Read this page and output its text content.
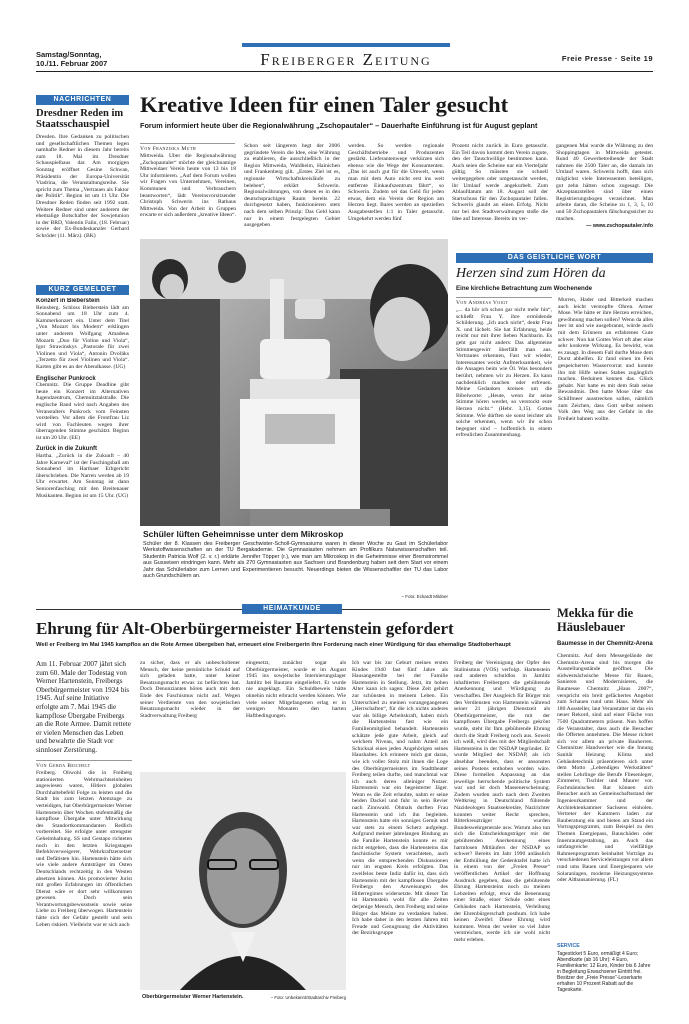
Samstag/Sonntag,
10./11. Februar 2007	Freiberger Zeitung	Freie Presse · Seite 19
NACHRICHTEN
Dresdner Reden im Staatsschauspiel
Dresden. Ihre Gedanken zu politischen und gesellschaftlichen Themen legen namhafte Redner in diesem Jahr bereits zum 18. Mal im Dresdner Schauspielhaus dar. Am morgigen Sonntag eröffnet Gesine Schwan, Präsidentin der Europa-Universität Viadrina, die Veranstaltungsreihe. Sie spricht zum Thema „Vertrauen als Faktor der Politik“. Beginn ist um 11 Uhr. Die Dresdner Reden finden seit 1992 statt. Weitere Redner sind unter anderem der ehemalige Botschafter der Sowjetunion in der BRD, Valentin Falin, (18. Februar) sowie der Ex-Bundeskanzler Gerhard Schröder (11. März). (BK)
KURZ GEMELDET
Konzert in Biebersteín
Reinsberg. Schloss Bieberstein lädt am Sonnabend um 18 Uhr zum 4. Kammerkonzert ein. Unter dem Titel „Von Mozart bis Modern“ erklingen unter anderem Wolfgang Amadeus Mozarts „Duo für Violine und Viola“, Igor Strawinskys „Pastorale für zwei Violinen und Viola“, Antonín Dvořáks „Terzetto für zwei Violinen und Viola“. Karten gibt es an der Abendkasse. (UG)
Englischer Punkrock
Chemnitz. Die Gruppe Deadline gibt heute ein Konzert im Alternativen Jugendzentrum, Chemnitztalstraße. Die englische Band wird nach Angaben des Veranstalters Punkrock vom Feinsten vorstellen. Vor allem die Frontfrau Liz wird von Fachleuten wegen ihrer überragenden Stimme geschätzt. Beginn ist um 20 Uhr. (EE)
Zurück in die Zukunft
Hartha. „Zurück in die Zukunft – 40 Jahre Karneval“ ist der Faschingsball am Sonnabend im Harthaer Erbgericht überschrieben. Die Narren werden ab 19 Uhr erwartet. Am Sonntag ist dann Seniorenfasching mit den Breitenauer Musikanten. Beginn ist um 15 Uhr. (UG)
Kreative Ideen für einen Taler gesucht
Forum informiert heute über die Regionalwährung „Zschopautaler“ – Dauerhafte Einführung ist für August geplant
Von Franziska Muth
Mittweida. Über die Regionalwährung „Zschopautaler“ möchte der gleichnamige Mittweidaer Verein heute von 13 bis 18 Uhr informieren. „Auf dem Forum wollen wir Fragen von Unternehmen, Vereinen, Kommunen und Verbrauchern beantworten“, lädt Vereinsvorsitzender Christoph Schwerin ins Rathaus Mittweida. Von der Arbeit in Gruppen erwarte er sich außerdem „kreative Ideen“.
Schon seit längerem hegt der 2006 gegründete Verein die Idee, eine Währung zu etablieren, die ausschließlich in der Region Mittweida, Waldheim, Hainichen und Frankenberg gilt. „Erstes Ziel ist es, regionale Wirtschaftskreisläufe zu beleben“, erklärt Schwerin. Regionalwährungen, von denen es in den deutschsprachigen Raum bereits 22 durchgesetzt haben, funktionieren stets nach dem selben Prinzip: Das Geld kann nur in einem festgelegten Gebiet ausgegeben
werden. So werden regionale Geschäftsbetriebe und Produzenten gestärkt. Lieferantenwege verkürzen sich ebenso wie die Wege der Konsumenten. „Das ist auch gut für die Umwelt, wenn man mit dem Auto nicht erst ins weit entfernte Einkaufszentrum fährt“, so Schwerin. Zudem sei das Geld für jeden etwas, dem ein Verein der Region am Herzen liegt. Bares werden an speziellen Ausgabestellen 1:1 in Taler getauscht. Umgekehrt werden fünf
Prozent nicht zurück in Euro getauscht. Ein Teil davon kommt dem Verein zugute, den der Tauschwillige bestimmen kann. Auch seien die Scheine nur ein Vierteljahr gültig. So müssten sie schnell weitergegeben oder umgetauscht werden, ihr Umlauf werde angekurbelt. Zum Ablaufdatum am 18. August soll der Startschuss für den Zschopautaler fallen. Schwerin glaubt an einen Erfolg. Nicht nur bei den Stadtverwaltungen stoße die Idee auf Interesse. Bereits im ver-
gangenen Mai wurde die Währung zu den Shoppingtagen in Mittweida getestet. Rund 40 Gewerbetreibende der Stadt nahmen die 2500 Taler an, die damals im Umlauf waren. Schwerin hofft, dass sich möglichst viele Interessenten beteiligen, gut zehn hätten schon zugesagt. Die Akzeptanzstellen sind über einen Registrierungsbogen verzeichnet. Man arbeite daran, die Scheine zu 1, 3, 5, 10 und 50 Zschopautalern fälschungssicher zu machen.
— www.zschopautaler.info
Schüler lüften Geheimnisse unter dem Mikroskop
Schüler der 8. Klassen des Freiberger Geschwister-Scholl-Gymnasiums waren in dieser Woche zu Gast im Schülerlabor Werkstoffwissenschaften an der TU Bergakademie. Die Gymnasiasten nehmen am Profilkurs Naturwissenschaften teil. Studentin Patricia Wolf (2. v. r.) erklärte Jennifer Töpper (r.), wie man am Mikroskop in die Geheimnisse einer Bremstrommel aus Gusseisen eindringen kann. Mehr als 270 Gymnasiasten aus Sachsen und Brandenburg haben seit dem Start vor einem Jahr das Schülerlabor zum Lernen und Experimentieren besucht. Neuerdings bieten die Wissenschaftler der TU das Labor auch Grundschülern an.
– Foto: Eckardt Mildner
DAS GEISTLICHE WORT
Herzen sind zum Hören da
Eine kirchliche Betrachtung zum Wochenende
Von Andreas Voigt
„... da hör ich schon gar nicht mehr hin“, schließt Frau Y. ihre ermüdende Schilderung. „Ich auch nicht“, denkt Frau X. und lächelt. Sie hat Erfahrung, beide reicht nur mit ihrer lieben Nachbarin. Es geht gar nicht anders: Das allgemeine Stimmengewirr überfällt man aus. Vertrautes erkennen, Fast wir wieder, Interessantes weckt Aufmerksamkeit, wie die Ansagen beim wie Öl. Was besonders berührt, nehmen wir zu Herzen. Es kann nachdenklich machen oder erfreuen. Meine Gedanken kreisen um die Bibelworte: „Heute, wenn ihr seine Stimme hören werdet, so verstockt eure Herzen nicht.“ (Hebr. 3,15). Gottes Stimme. Wie dürften sie sonst leichter als solche erkennen, wenn wir ihr schon begegnet sind – hoffentlich in einem erfreulichen Zusammenhang.
Murren, Hader und Bitterkeit machen auch leicht verstopfte Ohren. Armer Mose. Wie hätte er ihre Herzen erreichen, gewöhnung machen sollen? Wenn da alles leer ist und wie ausgebrannt, würde auch mit dem Erinnern an erfahrenes Gute schwer. Nun hat Gottes Wort oft aber eine sehr konkrete Wirkung. Es bewirkt, was es zusagt. In diesem Fall durfte Mose dem Durst abhelfen. Er fand einen im Fels gespeicherten Wasservorrat und konnte ihn mit Hilfe seines Stabes zugänglich machen. Beduinen kennen das. Glück gehabt. Nur hatte es mit dem Stab seine Bewandtnis. Den hatte Mose über das Schilfmeer ausstrecken sollen, nämlich zum Zeichen, dass Gott selbst seinem Volk den Weg aus der Gefahr in die Freiheit bahnen wollte.
HEIMATKUNDE
Ehrung für Alt-Oberbürgermeister Hartenstein gefordert
Weil er Freiberg im Mai 1945 kampflos an die Rote Armee übergeben hat, erneuert eine Freibergerin ihre Forderung nach einer Würdigung für das ehemalige Stadtoberhaupt
Am 11. Februar 2007 jährt sich zum 60. Male der Todestag von Werner Hartenstein, Freibergs Oberbürgermeister von 1924 bis 1945. Auf seine Initiative erfolgte am 7. Mai 1945 die kampflose Übergabe Freibergs an die Rote Armee. Damit rettete er vielen Menschen das Leben und bewahrte die Stadt vor sinnloser Zerstörung.
Von Gerda Beichelt
Freiberg. Obwohl die in Freiberg stationierten Wehrmachtseinheiten angewiesen waren, Hitlers globalen Durchhaltebefehl Folge zu leisten und die Stadt bis zum letzten Atemzuge zu verteidigen, hat Oberbürgermeister Werner Hartenstein über Wochen stufenmäßig die kampflose Übergabe unter Mitwirkung des Standortkommandanten Redlich vorbereitet. Sie erfolgte unter strengster Geheimhaltung. SS und Gestapo richteten noch in den letzten Kriegstagen Befehlsverweigerer, Wehrkraftzersetzer und Defätisten hin. Hartenstein hätte sich wie viele andere Amtsträger im Osten Deutschlands rechtzeitig in den Westen absetzen können. Als promovierter Jurist mit großen Erfahrungen im öffentlichen Dienst wäre er dort sehr willkommen gewesen. Doch sein Verantwortungsbewusstsein sowie seine Liebe zu Freiberg überwogen. Hartenstein hätte sich der Gefahr gestellt und sein Leben riskiert. Vielleicht war er sich auch
zu sicher, dass er als unbescholtener Mensch, der keine persönliche Schuld auf sich geladen hatte, unter keiner Besatzungsmacht etwas zu befürchten hat. Doch Denunzianten hören auch mit dem Ende des Faschismus nicht auf. Wegen seiner Verdienste von den sowjetischen Besatzungsmacht wieder in der Stadtverwaltung Freiberg
eingesetzt, zunächst sogar als Oberbürgermeister, wurde er im August 1945 ins sowjetische Internierungslager Jamlitz bei Bautzen eingeliefert. Er wurde nie angeklagt. Ein Schuldbeweis hätte ohnehin nicht erbracht werden können. Wie viele seiner Mitgefangenen erlag er in wenigen Monaten den harten Haftbedingungen.
Oberbürgermeister Werner Hartenstein.	– Foto: Unbekannt/Stadtarchiv Freiberg
Ich war bis zur Geburt meines ersten Kindes 1940 fast fünf Jahre als Hausangestellte bei der Familie Hartenstein in Stellung. Jetzt, im hohen Alter kann ich sagen: Diese Zeit gehört zur schönsten in meinem Leben. Ein Unterschied zu meinen vorangegangenen „Herrschaften“, für die ich nichts anderes war als billige Arbeitskraft, haben mich die Hartensteins fast wie ein Familienmitglied behandelt. Hartenstein schätzte jede gute Arbeit, gleich auf welchem Niveau, und nahm Anteil am Schicksal eines jeden Angehörigen seines Haushaltes. Ich erinnere mich gut daran, wie ich voller Stolz mit ihnen die Loge des Oberbürgermeisters im Stadttheater Freiberg teilen durfte, und manchmal war ich auch deren alleiniger Nutzer. Hartenstein war ein begeisterter Jäger. Wenn es die Zeit erlaubte, nahm er seine beiden Dackel und fuhr in sein Revier nach Zinnwald. Ohmals durften Frau Hartenstein und ich ihn begleiten. Hartenstein hatte ein sonniges Gemüt und war stets zu einem Scherz aufgelegt. Aufgrund meiner jahrelangen Bindung an die Familie Hartenstein konnte es mir nicht entgehen, dass die Hartensteins das faschistische System verachteten, auch wenn die entsprechenden Diskussionen nur im engsten Kreis erfolgten. Das zweifelos beste Indiz dafür ist, dass sich Hartenstein mit der kampflosen Übergabe Freibergs den Anweisungen des Hitlerregimes widersetzte. Mit dieser Tat ist Hartenstein wohl für alle Zeiten derjenige Mensch, dem Freiberg und seine Bürger das Meiste zu verdanken haben. Ich habe daher in den letzten Jahren mit Freude und Genugtuung die Aktivitäten der Bezirksgruppe
Freiberg der Vereinigung der Opfer des Stalinismus (VOS) verfolgt. Hartenstein und anderen schuldlos in Jamlitz inhaftierten Freibergern die gebührende Anerkennung und Würdigung zu verschaffen. Der Ausgleich für Bürger mit den Verdiensten von Hartenstein während seiner 21 jährigen Dienstzeit als Oberbürgermeister, die mit der kampflosen Übergabe Freibergs gekrönt wurde, steht ihr Ihm gebührende Ehrung durch die Stadt Freiberg noch aus. Soweit ich weiß, wird dies mit der Mitgliedschaft Hartensteins in der NSDAP begründet. Er wurde Mitglied der NSDAP, als ich absehbar beenden, dass er ansonsten seines Postens enthoben worden wäre. Diese formellen Anpassung an das jeweilige herrschende politische System war und ist doch Massenerscheinung. Zudem wurden auch nach dem Zweiten Weltkrieg in Deutschland führende Nazideologen Staatssekretäre, Nazirichter konnten weiter Recht sprechen, Ritterkreuzträger wurden Bundeswehrgenerale usw. Warum also tun sich die Entscheidungsträger mit der gebührenden Anerkennung eines harmlosen Mitläufers der NSDAP so schwer? Bereits im Jahr 1990 anlässlich der Enthüllung der Gedenktafel hatte ich in einem von der „Freien Presse“ veröffentlichen Artikel der Hoffnung Ausdruck gegeben, dass die gebührende Ehrung Hartensteins noch zu meinen Lebzeiten erfolgt, etwa die Benennung einer Straße, einer Schule oder eines Gebäudes nach Hartenstein, Verleihung der Ehrenbürgerschaft posthum. Ich habe keinen Zweifel: Diese Ehrung wird kommen. Wenn der weiter so viel Jahre verstreichen, werde ich sie wohl nicht mehr erleben.
Mekka für die Häuslebauer
Baumesse in der Chemnitz-Arena
Chemnitz. Auf dem Messegelände der Chemnitz-Arena sind bis morgen die Ausstellungsstände geöffnet. Die südwestsächsische Messe für Bauen, Sanieren und Modernisieren, die Baumesse Chemnitz „Haus 2007“, verspricht ein breit gefächertes Angebot zum Schauen rund ums Haus. Mehr als 180 Aussteller, laut Veranstalter ist das ein neuer Rekord, sind auf einer Fläche von 7500 Quadratmetern präsent. Nun hoffen die Veranstalter, dass auch die Besucher die Offerten annehmen. Die Messe richtet sich vor allem an private Bauherren. Chemnitzer Handwerker wie die Innung Sanitär Heizung Klima und Gebäudetechnik präsentieren sich unter dem Motto „Lebendigen Werkstätten“ stellen Lehrlinge die Berufe Fliesenleger, Zimmerer, Tischler und Maurer vor. Fachmännischen Rat können sich Besucher auch an Gemeinschaftsstand der Ingenieurkammer und der Architektenkammer Sachsens einholen. Vertreter der Kammern laden zur Bauberatung ein und bieten am Stand ein Vortragsprogramm, zum Beispiel zu den Themen Energiepass, Bauschäden oder Innenraumgestaltung, an. Auch das umfangreiche und vielfältige Rahmenprogramm beinhaltet Vorträge zu verschiedenen Serviceleistungen vor allem rund ums Bauen und Energiesparen wie Solaranlagen, moderne Heizungssysteme oder Altbausanierung. (FL)
SERVICE
Tagesticket 5 Euro, ermäßigt 4 Euro; Abendkarte (ab 16 Uhr): 4 Euro, Familienkarte: 12 Euro, Kinder bis 6 Jahre in Begleitung Erwachsener Eintritt frei. Besitzer der „Freie Presse“-Leserkarte erhalten 10 Prozent Rabatt auf die Tageskarte.
